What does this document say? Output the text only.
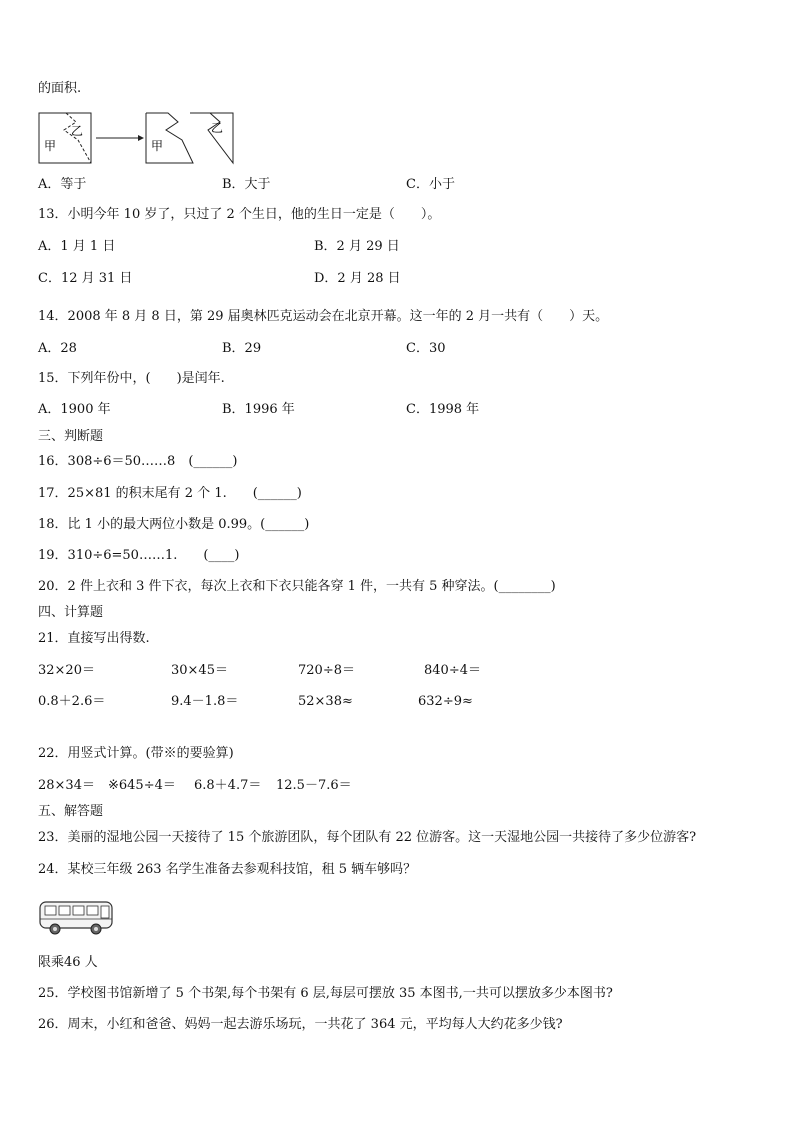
的面积.
甲
乙
甲
乙
A．等于	B．大于	C．小于
13．小明今年 10 岁了，只过了 2 个生日，他的生日一定是（　　）。
A．1 月 1 日	B．2 月 29 日
C．12 月 31 日	D．2 月 28 日
14．2008 年 8 月 8 日，第 29 届奥林匹克运动会在北京开幕。这一年的 2 月一共有（　　）天。
A．28	B．29	C．30
15．下列年份中，(　　)是闰年.
A．1900 年	B．1996 年	C．1998 年
三、判断题
16．308÷6＝50……8　(______)
17．25×81 的积末尾有 2 个 1.　　(______)
18．比 1 小的最大两位小数是 0.99。(______)
19．310÷6=50……1.　　(____)
20．2 件上衣和 3 件下衣，每次上衣和下衣只能各穿 1 件，一共有 5 种穿法。(________)
四、计算题
21．直接写出得数.
32×20＝	30×45＝	720÷8＝	840÷4＝
0.8＋2.6＝	9.4－1.8＝	52×38≈	632÷9≈
22．用竖式计算。(带※的要验算)
28×34＝ ※645÷4＝ 6.8＋4.7＝ 12.5－7.6＝
五、解答题
23．美丽的湿地公园一天接待了 15 个旅游团队，每个团队有 22 位游客。这一天湿地公园一共接待了多少位游客?
24．某校三年级 263 名学生准备去参观科技馆，租 5 辆车够吗？
限乘46 人
25．学校图书馆新增了 5 个书架,每个书架有 6 层,每层可摆放 35 本图书,一共可以摆放多少本图书?
26．周末，小红和爸爸、妈妈一起去游乐场玩，一共花了 364 元，平均每人大约花多少钱?
